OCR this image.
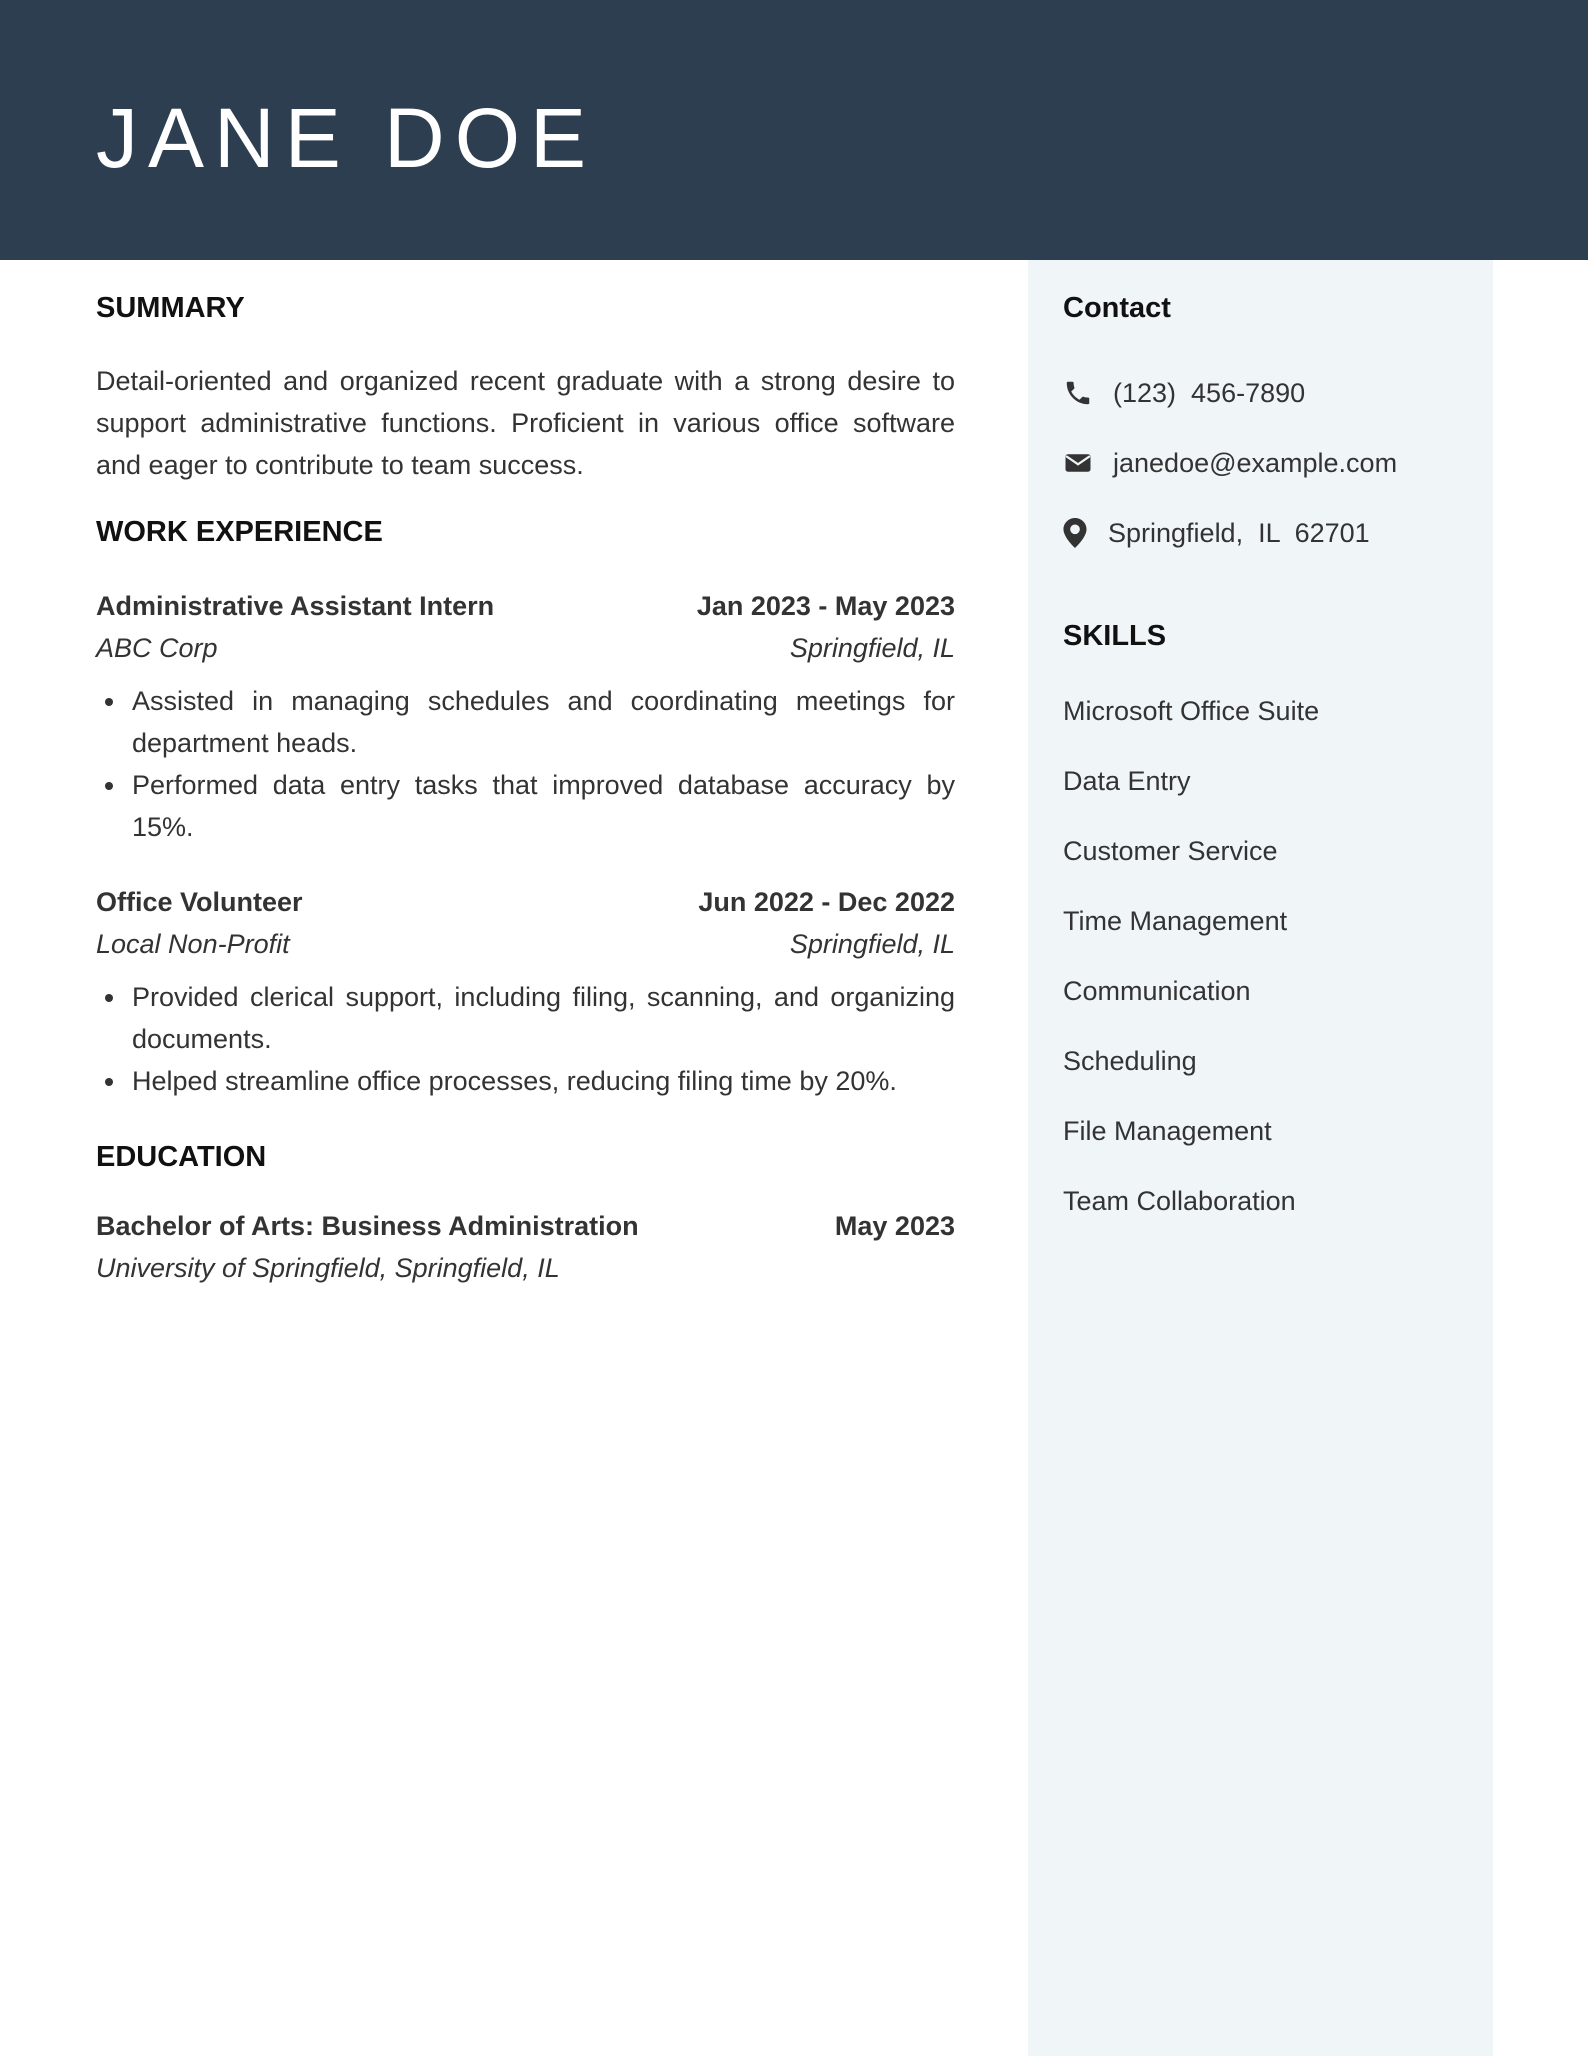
JANE DOE
Contact
(123)  456-7890
janedoe@example.com
Springfield,  IL  62701
SKILLS
Microsoft Office Suite
Data Entry
Customer Service
Time Management
Communication
Scheduling
File Management
Team Collaboration
SUMMARY

Detail-oriented and organized recent graduate with a strong desire to support administrative functions. Proficient in various office software and eager to contribute to team success.

WORK EXPERIENCE
Administrative Assistant Intern	Jan 2023 - May 2023
ABC Corp	Springfield, IL
Assisted in managing schedules and coordinating meetings for department heads.
Performed data entry tasks that improved database accuracy by 15%.
Office Volunteer	Jun 2022 - Dec 2022
Local Non-Profit	Springfield, IL
Provided clerical support, including filing, scanning, and organizing documents.
Helped streamline office processes, reducing filing time by 20%.
EDUCATION
Bachelor of Arts: Business Administration	May 2023
University of Springfield, Springfield, IL
